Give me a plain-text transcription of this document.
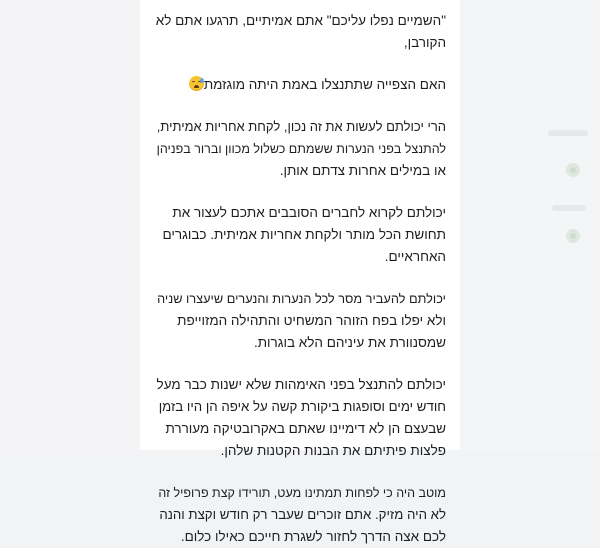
"השמיים נפלו עליכם" אתם אמיתיים, תרגעו אתם לא
הקורבן,

האם הצפייה שתתנצלו באמת היתה מוגזמת

הרי יכולתם לעשות את זה נכון, לקחת אחריות אמיתית,
להתנצל בפני הנערות ששמתם כשלול מכוון וברור בפניהן
או במילים אחרות צדתם אותן.

יכולתם לקרוא לחברים הסובבים אתכם לעצור את
תחושת הכל מותר ולקחת אחריות אמיתית. כבוגרים
האחראיים.

יכולתם להעביר מסר לכל הנערות והנערים שיעצרו שניה
ולא יפלו בפח הזוהר המשחיט והתהילה המזוייפת
שמסנוורת את עיניהם הלא בוגרות.

יכולתם להתנצל בפני האימהות שלא ישנות כבר מעל
חודש ימים וסופגות ביקורת קשה על איפה הן היו בזמן
שבעצם הן לא דימיינו שאתם באקרובטיקה מעוררת
פלצות פיתיתם את הבנות הקטנות שלהן.

מוטב היה כי לפחות תמתינו מעט, תורידו קצת פרופיל זה
לא היה מזיק. אתם זוכרים שעבר רק חודש וקצת והנה
לכם אצה הדרך לחזור לשגרת חייכם כאילו כלום.
